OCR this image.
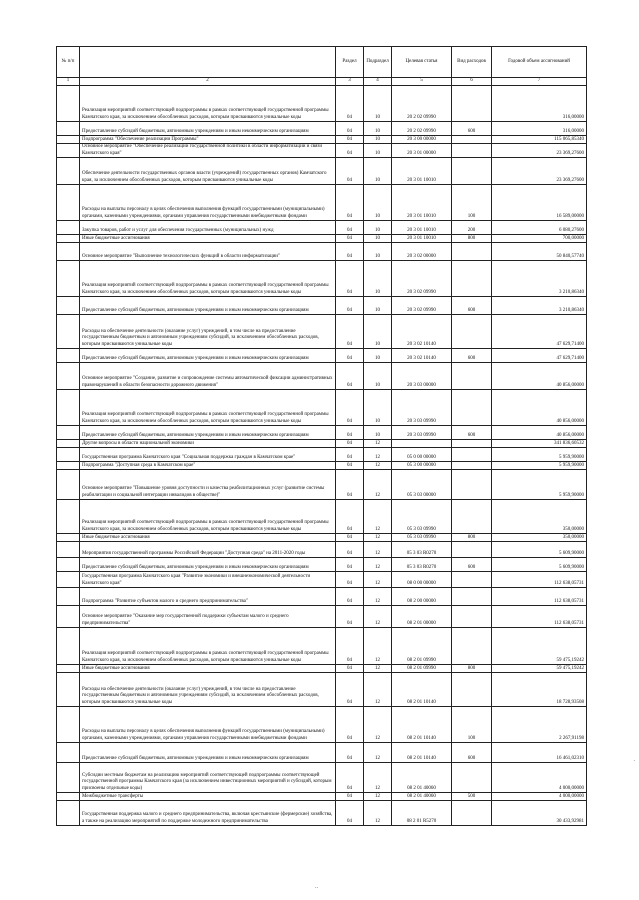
№ п/п		Раздел	Подраздел	Целевая статья	Вид расходов	Годовой объем ассигнований
1	2	3	4	5	6	7
	Реализация мероприятий соответствующей подпрограммы в рамках соответствующей государственной программы Камчатского края, за исключением обособленных расходов, которым присваиваются уникальные коды	04	10	20 2 02 09990		316,00000
	Предоставление субсидий бюджетным, автономным учреждениям и иным некоммерческим организациям	04	10	20 2 02 09990	600	316,00000
	Подпрограмма "Обеспечение реализации Программы"	04	10	20 3 00 00000		115 065,85340
	Основное мероприятие "Обеспечение реализации государственной политики в области информатизации и связи Камчатского края"	04	10	20 3 01 00000		23 369,27600
	Обеспечение деятельности государственных органов власти (учреждений) государственных органов) Камчатского края, за исключением обособленных расходов, которым присваиваются уникальные коды	04	10	20 3 01 10010		23 369,27600
	Расходы на выплаты персоналу в целях обеспечения выполнения функций государственными (муниципальными) органами, казенными учреждениями, органами управления государственными внебюджетными фондами	04	10	20 3 01 10010	100	16 589,00000
	Закупка товаров, работ и услуг для обеспечения государственных (муниципальных) нужд	04	10	20 3 01 10010	200	6 080,27600
	Иные бюджетные ассигнования	04	10	20 3 01 10010	800	700,00000
	Основное мероприятие "Выполнение технологических функций в области информатизации"	04	10	20 3 02 00000		50 840,57740
	Реализация мероприятий соответствующей подпрограммы в рамках соответствующей государственной программы Камчатского края, за исключением обособленных расходов, которым присваиваются уникальные коды	04	10	20 3 02 09990		3 210,86340
	Предоставление субсидий бюджетным, автономным учреждениям и иным некоммерческим организациям	04	10	20 3 02 09990	600	3 210,86340
	Расходы на обеспечение деятельности (оказание услуг) учреждений, в том числе на предоставление государственным бюджетным и автономным учреждениям субсидий, за исключением обособленных расходов, которым присваиваются уникальные коды	04	10	20 3 02 10140		47 629,71400
	Предоставление субсидий бюджетным, автономным учреждениям и иным некоммерческим организациям	04	10	20 3 02 10140	600	47 629,71400
	Основное мероприятие "Создание, развитие и сопровождение системы автоматической фиксации административных правонарушений в области безопасности дорожного движения"	04	10	20 3 03 00000		40 856,00000
	Реализация мероприятий соответствующей подпрограммы в рамках соответствующей государственной программы Камчатского края, за исключением обособленных расходов, которым присваиваются уникальные коды	04	10	20 3 03 09990		40 856,00000
	Предоставление субсидий бюджетным, автономным учреждениям и иным некоммерческим организациям	04	10	20 3 03 09990	600	40 856,00000
	Другие вопросы в области национальной экономики	04	12			341 836,60532
	Государственная программа Камчатского края "Социальная поддержка граждан в Камчатском крае"	04	12	05 0 00 00000		5 959,90000
	Подпрограмма "Доступная среда в Камчатском крае"	04	12	05 3 00 00000		5 959,90000
	Основное мероприятие "Повышение уровня доступности и качества реабилитационных услуг (развитие системы реабилитации и социальной интеграции инвалидов в обществе)"	04	12	05 3 03 00000		5 959,90000
	Реализация мероприятий соответствующей подпрограммы в рамках соответствующей государственной программы Камчатского края, за исключением обособленных расходов, которым присваиваются уникальные коды	04	12	05 3 03 09990		350,00000
	Иные бюджетные ассигнования	04	12	05 3 03 09990	800	350,00000
	Мероприятия государственной программы Российской Федерации "Доступная среда" на 2011-2020 годы	04	12	05 3 03 R0270		5 609,90000
	Предоставление субсидий бюджетным, автономным учреждениям и иным некоммерческим организациям	04	12	05 3 03 R0270	600	5 609,90000
	Государственная программа Камчатского края "Развитие экономики и внешнеэкономической деятельности Камчатского края"	04	12	08 0 00 00000		112 638,05731
	Подпрограмма "Развитие субъектов малого и среднего предпринимательства"	04	12	08 2 00 00000		112 638,05731
	Основное мероприятие "Оказание мер государственной поддержки субъектам малого и среднего предпринимательства"	04	12	08 2 01 00000		112 638,05731
	Реализация мероприятий соответствующей подпрограммы в рамках соответствующей государственной программы Камчатского края, за исключением обособленных расходов, которым присваиваются уникальные коды	04	12	08 2 01 09990		59 475,19242
	Иные бюджетные ассигнования	04	12	08 2 01 09990	800	59 475,19242
	Расходы на обеспечение деятельности (оказание услуг) учреждений, в том числе на предоставление государственным бюджетным и автономным учреждениям субсидий, за исключением обособленных расходов, которым присваиваются уникальные коды	04	12	08 2 01 10140		18 728,93508
	Расходы на выплаты персоналу в целях обеспечения выполнения функций государственными (муниципальными) органами, казенными учреждениями, органами управления государственными внебюджетными фондами	04	12	08 2 01 10140	100	2 267,91198
	Предоставление субсидий бюджетным, автономным учреждениям и иным некоммерческим организациям	04	12	08 2 01 10140	600	16 461,02310
	Субсидии местным бюджетам на реализацию мероприятий соответствующей подпрограммы соответствующей государственной программы Камчатского края (за исключением инвестиционных мероприятий и субсидий, которым присвоены отдельные коды)	04	12	08 2 01 40060		4 000,00000
	Межбюджетные трансферты	04	12	08 2 01 40060	500	4 000,00000
	Государственная поддержка малого и среднего предпринимательства, включая крестьянские (фермерские) хозяйства, а также на реализацию мероприятий по поддержке молодежного предпринимательства	04	12	08 2 01 R5270		30 433,92981
..
.
